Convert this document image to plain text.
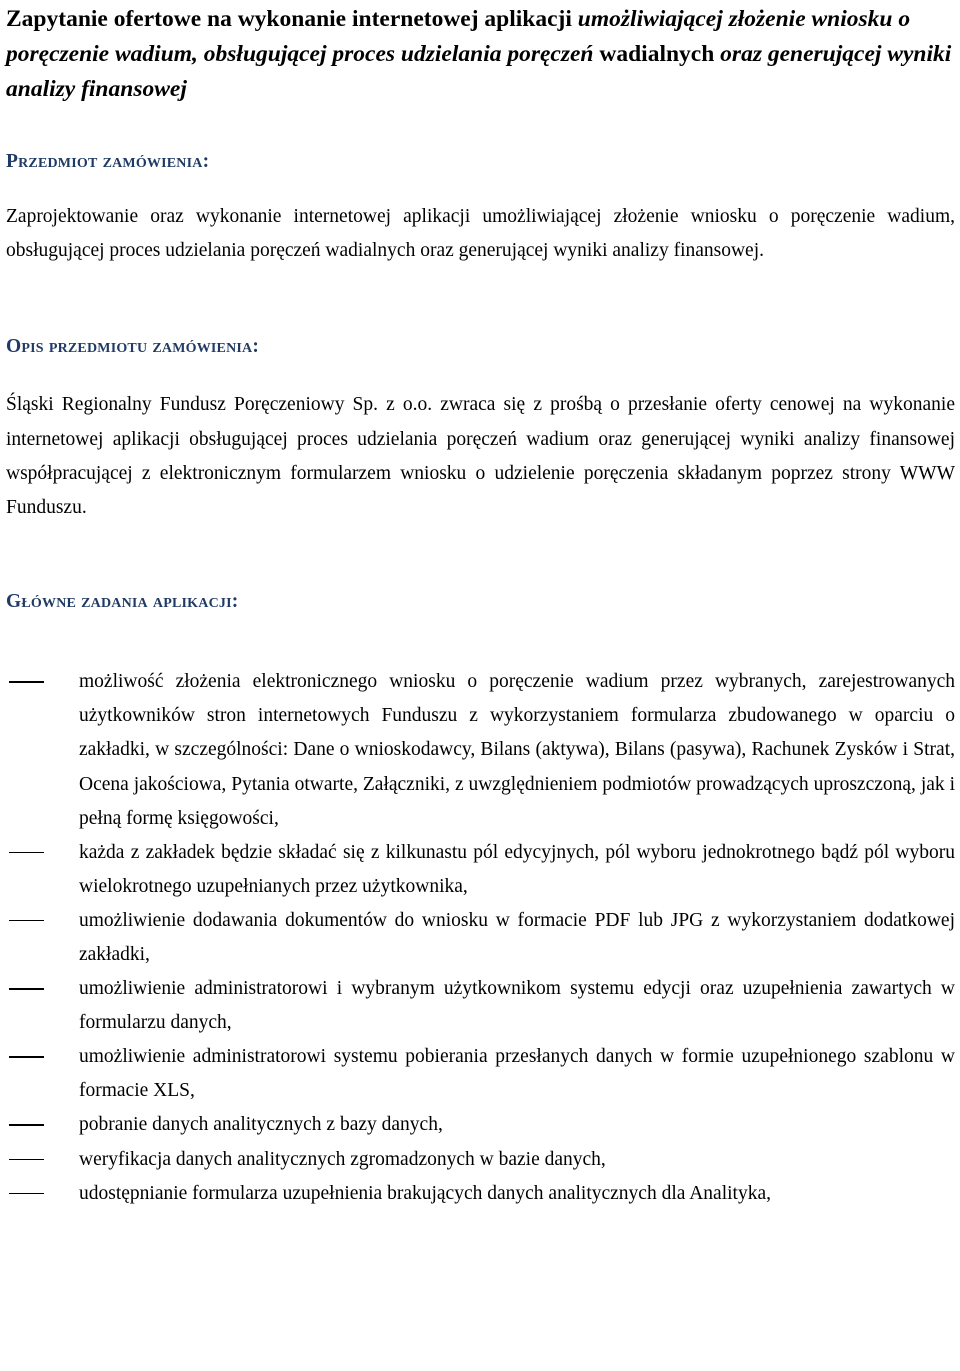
Zapytanie ofertowe na wykonanie internetowej aplikacji umożliwiającej złożenie wniosku o poręczenie wadium, obsługującej proces udzielania poręczeń wadialnych oraz generującej wyniki analizy finansowej
Przedmiot zamówienia:

Zaprojektowanie oraz wykonanie internetowej aplikacji umożliwiającej złożenie wniosku o poręczenie wadium, obsługującej proces udzielania poręczeń wadialnych oraz generującej wyniki analizy finansowej.

Opis przedmiotu zamówienia:

Śląski Regionalny Fundusz Poręczeniowy Sp. z o.o. zwraca się z prośbą o przesłanie oferty cenowej na wykonanie internetowej aplikacji obsługującej proces udzielania poręczeń wadium oraz generującej wyniki analizy finansowej współpracującej z elektronicznym formularzem wniosku o udzielenie poręczenia składanym poprzez strony WWW Funduszu.

Główne zadania aplikacji:
możliwość złożenia elektronicznego wniosku o poręczenie wadium przez wybranych, zarejestrowanych użytkowników stron internetowych Funduszu z wykorzystaniem formularza zbudowanego w oparciu o zakładki, w szczególności: Dane o wnioskodawcy, Bilans (aktywa), Bilans (pasywa), Rachunek Zysków i Strat, Ocena jakościowa, Pytania otwarte, Załączniki, z uwzględnieniem podmiotów prowadzących uproszczoną, jak i pełną formę księgowości,
każda z zakładek będzie składać się z kilkunastu pól edycyjnych, pól wyboru jednokrotnego bądź pól wyboru wielokrotnego uzupełnianych przez użytkownika,
umożliwienie dodawania dokumentów do wniosku w formacie PDF lub JPG z wykorzystaniem dodatkowej zakładki,
umożliwienie administratorowi i wybranym użytkownikom systemu edycji oraz uzupełnienia zawartych w formularzu danych,
umożliwienie administratorowi systemu pobierania przesłanych danych w formie uzupełnionego szablonu w formacie XLS,
pobranie danych analitycznych z bazy danych,
weryfikacja danych analitycznych zgromadzonych w bazie danych,
udostępnianie formularza uzupełnienia brakujących danych analitycznych dla Analityka,
